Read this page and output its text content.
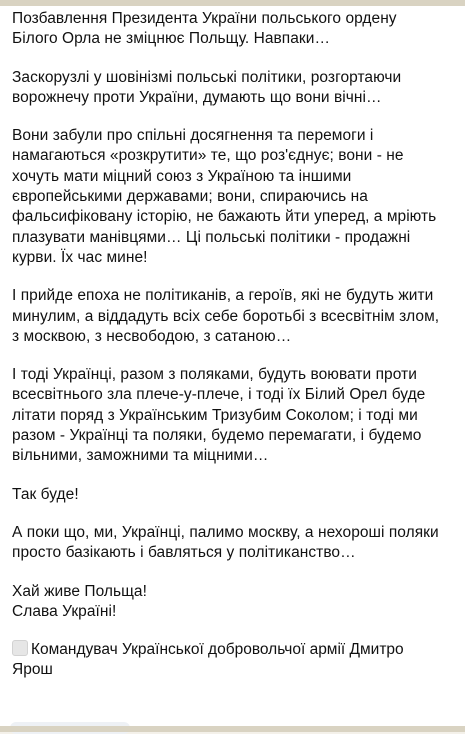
Позбавлення Президента України польського ордену
Білого Орла не зміцнює Польщу. Навпаки…

Заскорузлі у шовінізмі польські політики, розгортаючи
ворожнечу проти України, думають що вони вічні…

Вони забули про спільні досягнення та перемоги і
намагаються «розкрутити» те, що роз'єднує; вони - не
хочуть мати міцний союз з Україною та іншими
європейськими державами; вони, спираючись на
фальсифіковану історію, не бажають йти уперед, а мріють
плазувати манівцями… Ці польські політики - продажні
курви. Їх час мине!

І прийде епоха не політиканів, а героїв, які не будуть жити
минулим, а віддадуть всіх себе боротьбі з всесвітнім злом,
з москвою, з несвободою, з сатаною…

І тоді Українці, разом з поляками, будуть воювати проти
всесвітнього зла плече-у-плече, і тоді їх Білий Орел буде
літати поряд з Українським Тризубим Соколом; і тоді ми
разом - Українці та поляки, будемо перемагати, і будемо
вільними, заможними та міцними…

Так буде!

А поки що, ми, Українці, палимо москву, а нехороші поляки
просто базікають і бавляться у політиканство…

Хай живе Польща!
Слава Україні!

Командувач Української добровольчої армії Дмитро
Ярош
